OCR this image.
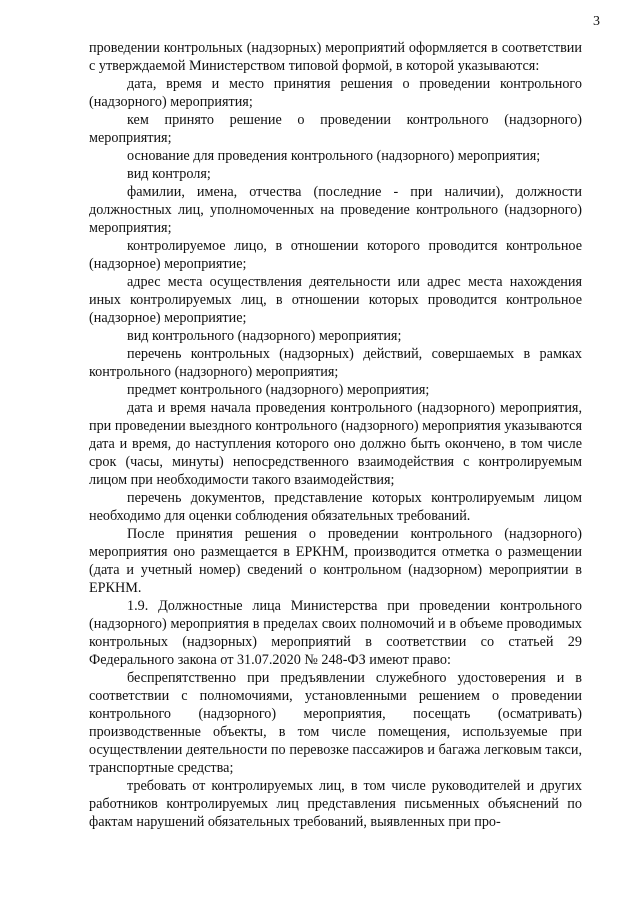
3

проведении контрольных (надзорных) мероприятий оформляется в соответствии с утверждаемой Министерством типовой формой, в которой указываются:

дата, время и место принятия решения о проведении контрольного (надзорного) мероприятия;

кем принято решение о проведении контрольного (надзорного) мероприятия;

основание для проведения контрольного (надзорного) мероприятия;

вид контроля;

фамилии, имена, отчества (последние - при наличии), должности должностных лиц, уполномоченных на проведение контрольного (надзорного) мероприятия;

контролируемое лицо, в отношении которого проводится контрольное (надзорное) мероприятие;

адрес места осуществления деятельности или адрес места нахождения иных контролируемых лиц, в отношении которых проводится контрольное (надзорное) мероприятие;

вид контрольного (надзорного) мероприятия;

перечень контрольных (надзорных) действий, совершаемых в рамках контрольного (надзорного) мероприятия;

предмет контрольного (надзорного) мероприятия;

дата и время начала проведения контрольного (надзорного) мероприятия, при проведении выездного контрольного (надзорного) мероприятия указываются дата и время, до наступления которого оно должно быть окончено, в том числе срок (часы, минуты) непосредственного взаимодействия с контролируемым лицом при необходимости такого взаимодействия;

перечень документов, представление которых контролируемым лицом необходимо для оценки соблюдения обязательных требований.

После принятия решения о проведении контрольного (надзорного) мероприятия оно размещается в ЕРКНМ, производится отметка о размещении (дата и учетный номер) сведений о контрольном (надзорном) мероприятии в ЕРКНМ.

1.9. Должностные лица Министерства при проведении контрольного (надзорного) мероприятия в пределах своих полномочий и в объеме проводимых контрольных (надзорных) мероприятий в соответствии со статьей 29 Федерального закона от 31.07.2020 № 248-ФЗ имеют право:

беспрепятственно при предъявлении служебного удостоверения и в соответствии с полномочиями, установленными решением о проведении контрольного (надзорного) мероприятия, посещать (осматривать) производственные объекты, в том числе помещения, используемые при осуществлении деятельности по перевозке пассажиров и багажа легковым такси, транспортные средства;

требовать от контролируемых лиц, в том числе руководителей и других работников контролируемых лиц представления письменных объяснений по фактам нарушений обязательных требований, выявленных при про-
